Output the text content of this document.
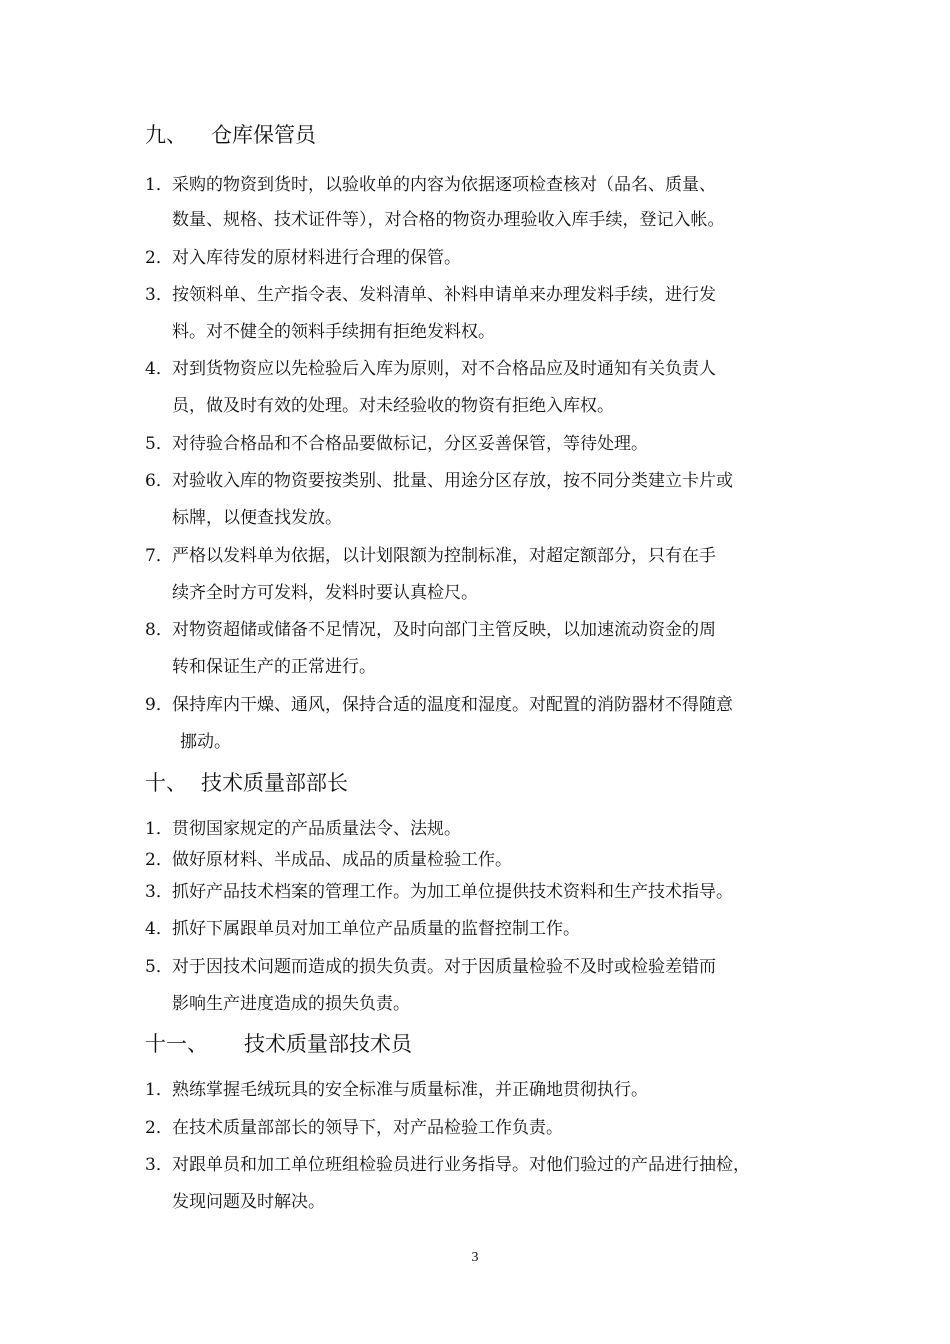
九、 仓库保管员
1．采购的物资到货时，以验收单的内容为依据逐项检查核对（品名、质量、
数量、规格、技术证件等），对合格的物资办理验收入库手续，登记入帐。
2．对入库待发的原材料进行合理的保管。
3．按领料单、生产指令表、发料清单、补料申请单来办理发料手续，进行发
料。对不健全的领料手续拥有拒绝发料权。
4．对到货物资应以先检验后入库为原则，对不合格品应及时通知有关负责人
员，做及时有效的处理。对未经验收的物资有拒绝入库权。
5．对待验合格品和不合格品要做标记，分区妥善保管，等待处理。
6．对验收入库的物资要按类别、批量、用途分区存放，按不同分类建立卡片或
标牌，以便查找发放。
7．严格以发料单为依据，以计划限额为控制标准，对超定额部分，只有在手
续齐全时方可发料，发料时要认真检尺。
8．对物资超储或储备不足情况，及时向部门主管反映，以加速流动资金的周
转和保证生产的正常进行。
9．保持库内干燥、通风，保持合适的温度和湿度。对配置的消防器材不得随意
挪动。
十、 技术质量部部长
1．贯彻国家规定的产品质量法令、法规。
2．做好原材料、半成品、成品的质量检验工作。
3．抓好产品技术档案的管理工作。为加工单位提供技术资料和生产技术指导。
4．抓好下属跟单员对加工单位产品质量的监督控制工作。
5．对于因技术问题而造成的损失负责。对于因质量检验不及时或检验差错而
影响生产进度造成的损失负责。
十一、 技术质量部技术员
1．熟练掌握毛绒玩具的安全标准与质量标准，并正确地贯彻执行。
2．在技术质量部部长的领导下，对产品检验工作负责。
3．对跟单员和加工单位班组检验员进行业务指导。对他们验过的产品进行抽检，
发现问题及时解决。
3
